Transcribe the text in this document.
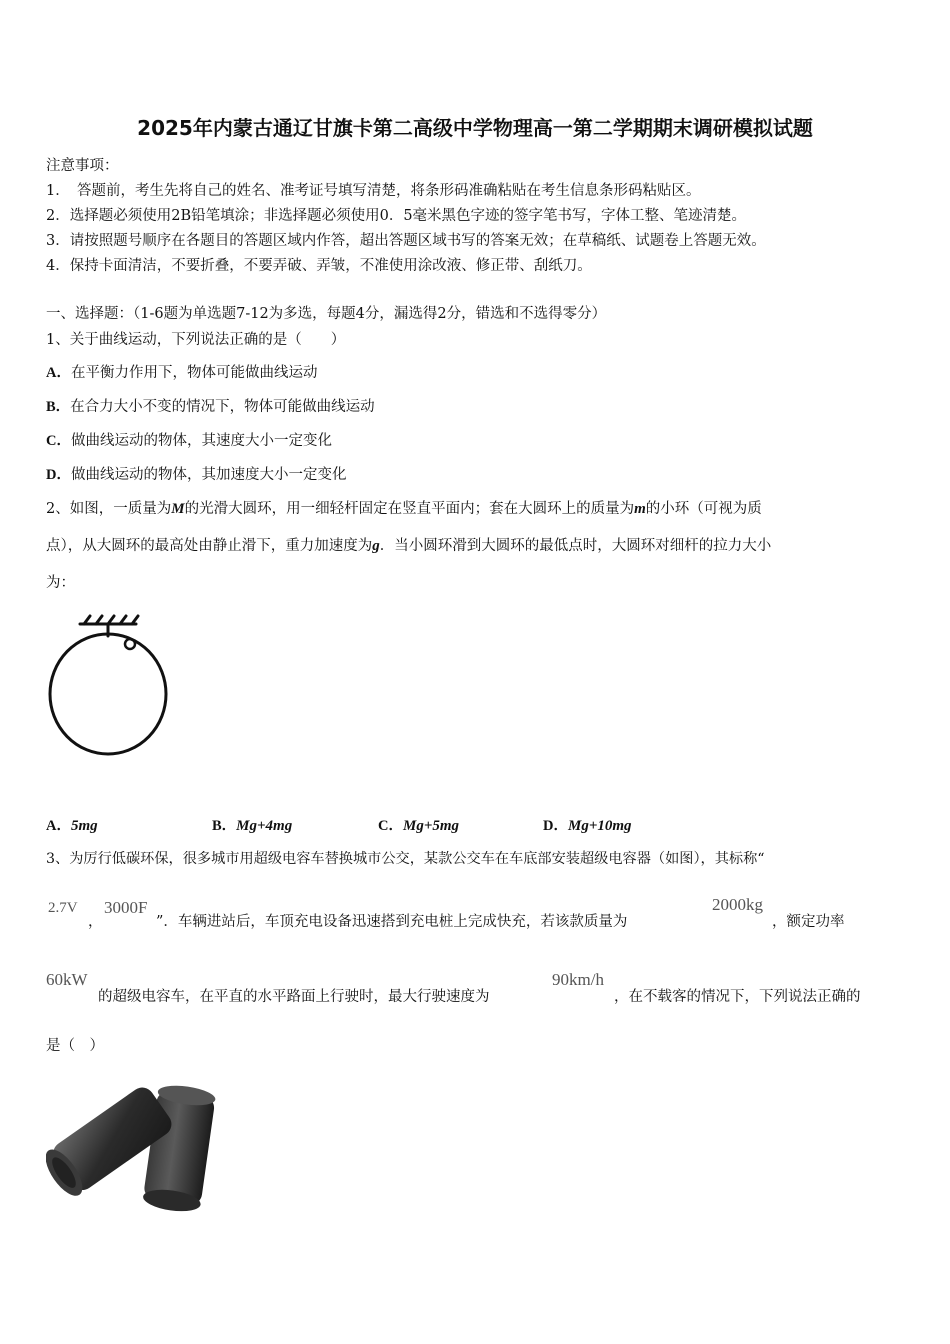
2025年内蒙古通辽甘旗卡第二高级中学物理高一第二学期期末调研模拟试题
注意事项：
1．　答题前，考生先将自己的姓名、准考证号填写清楚，将条形码准确粘贴在考生信息条形码粘贴区。
2．选择题必须使用2B铅笔填涂；非选择题必须使用0．5毫米黑色字迹的签字笔书写，字体工整、笔迹清楚。
3．请按照题号顺序在各题目的答题区域内作答，超出答题区域书写的答案无效；在草稿纸、试题卷上答题无效。
4．保持卡面清洁，不要折叠，不要弄破、弄皱，不准使用涂改液、修正带、刮纸刀。
一、选择题：（1-6题为单选题7-12为多选，每题4分，漏选得2分，错选和不选得零分）
1、关于曲线运动，下列说法正确的是（　　）
A．在平衡力作用下，物体可能做曲线运动
B．在合力大小不变的情况下，物体可能做曲线运动
C．做曲线运动的物体，其速度大小一定变化
D．做曲线运动的物体，其加速度大小一定变化
2、如图，一质量为M的光滑大圆环，用一细轻杆固定在竖直平面内；套在大圆环上的质量为m的小环（可视为质
点），从大圆环的最高处由静止滑下，重力加速度为g．当小圆环滑到大圆环的最低点时，大圆环对细杆的拉力大小
为：
A．5mg	B．Mg+4mg	C．Mg+5mg	D．Mg+10mg
3、为厉行低碳环保，很多城市用超级电容车替换城市公交，某款公交车在车底部安装超级电容器（如图），其标称“
2.7V
，
3000F
”．车辆进站后，车顶充电设备迅速搭到充电桩上完成快充，若该款质量为
2000kg
，额定功率
60kW
的超级电容车，在平直的水平路面上行驶时，最大行驶速度为
90km/h
，在不载客的情况下，下列说法正确的
是（　）
